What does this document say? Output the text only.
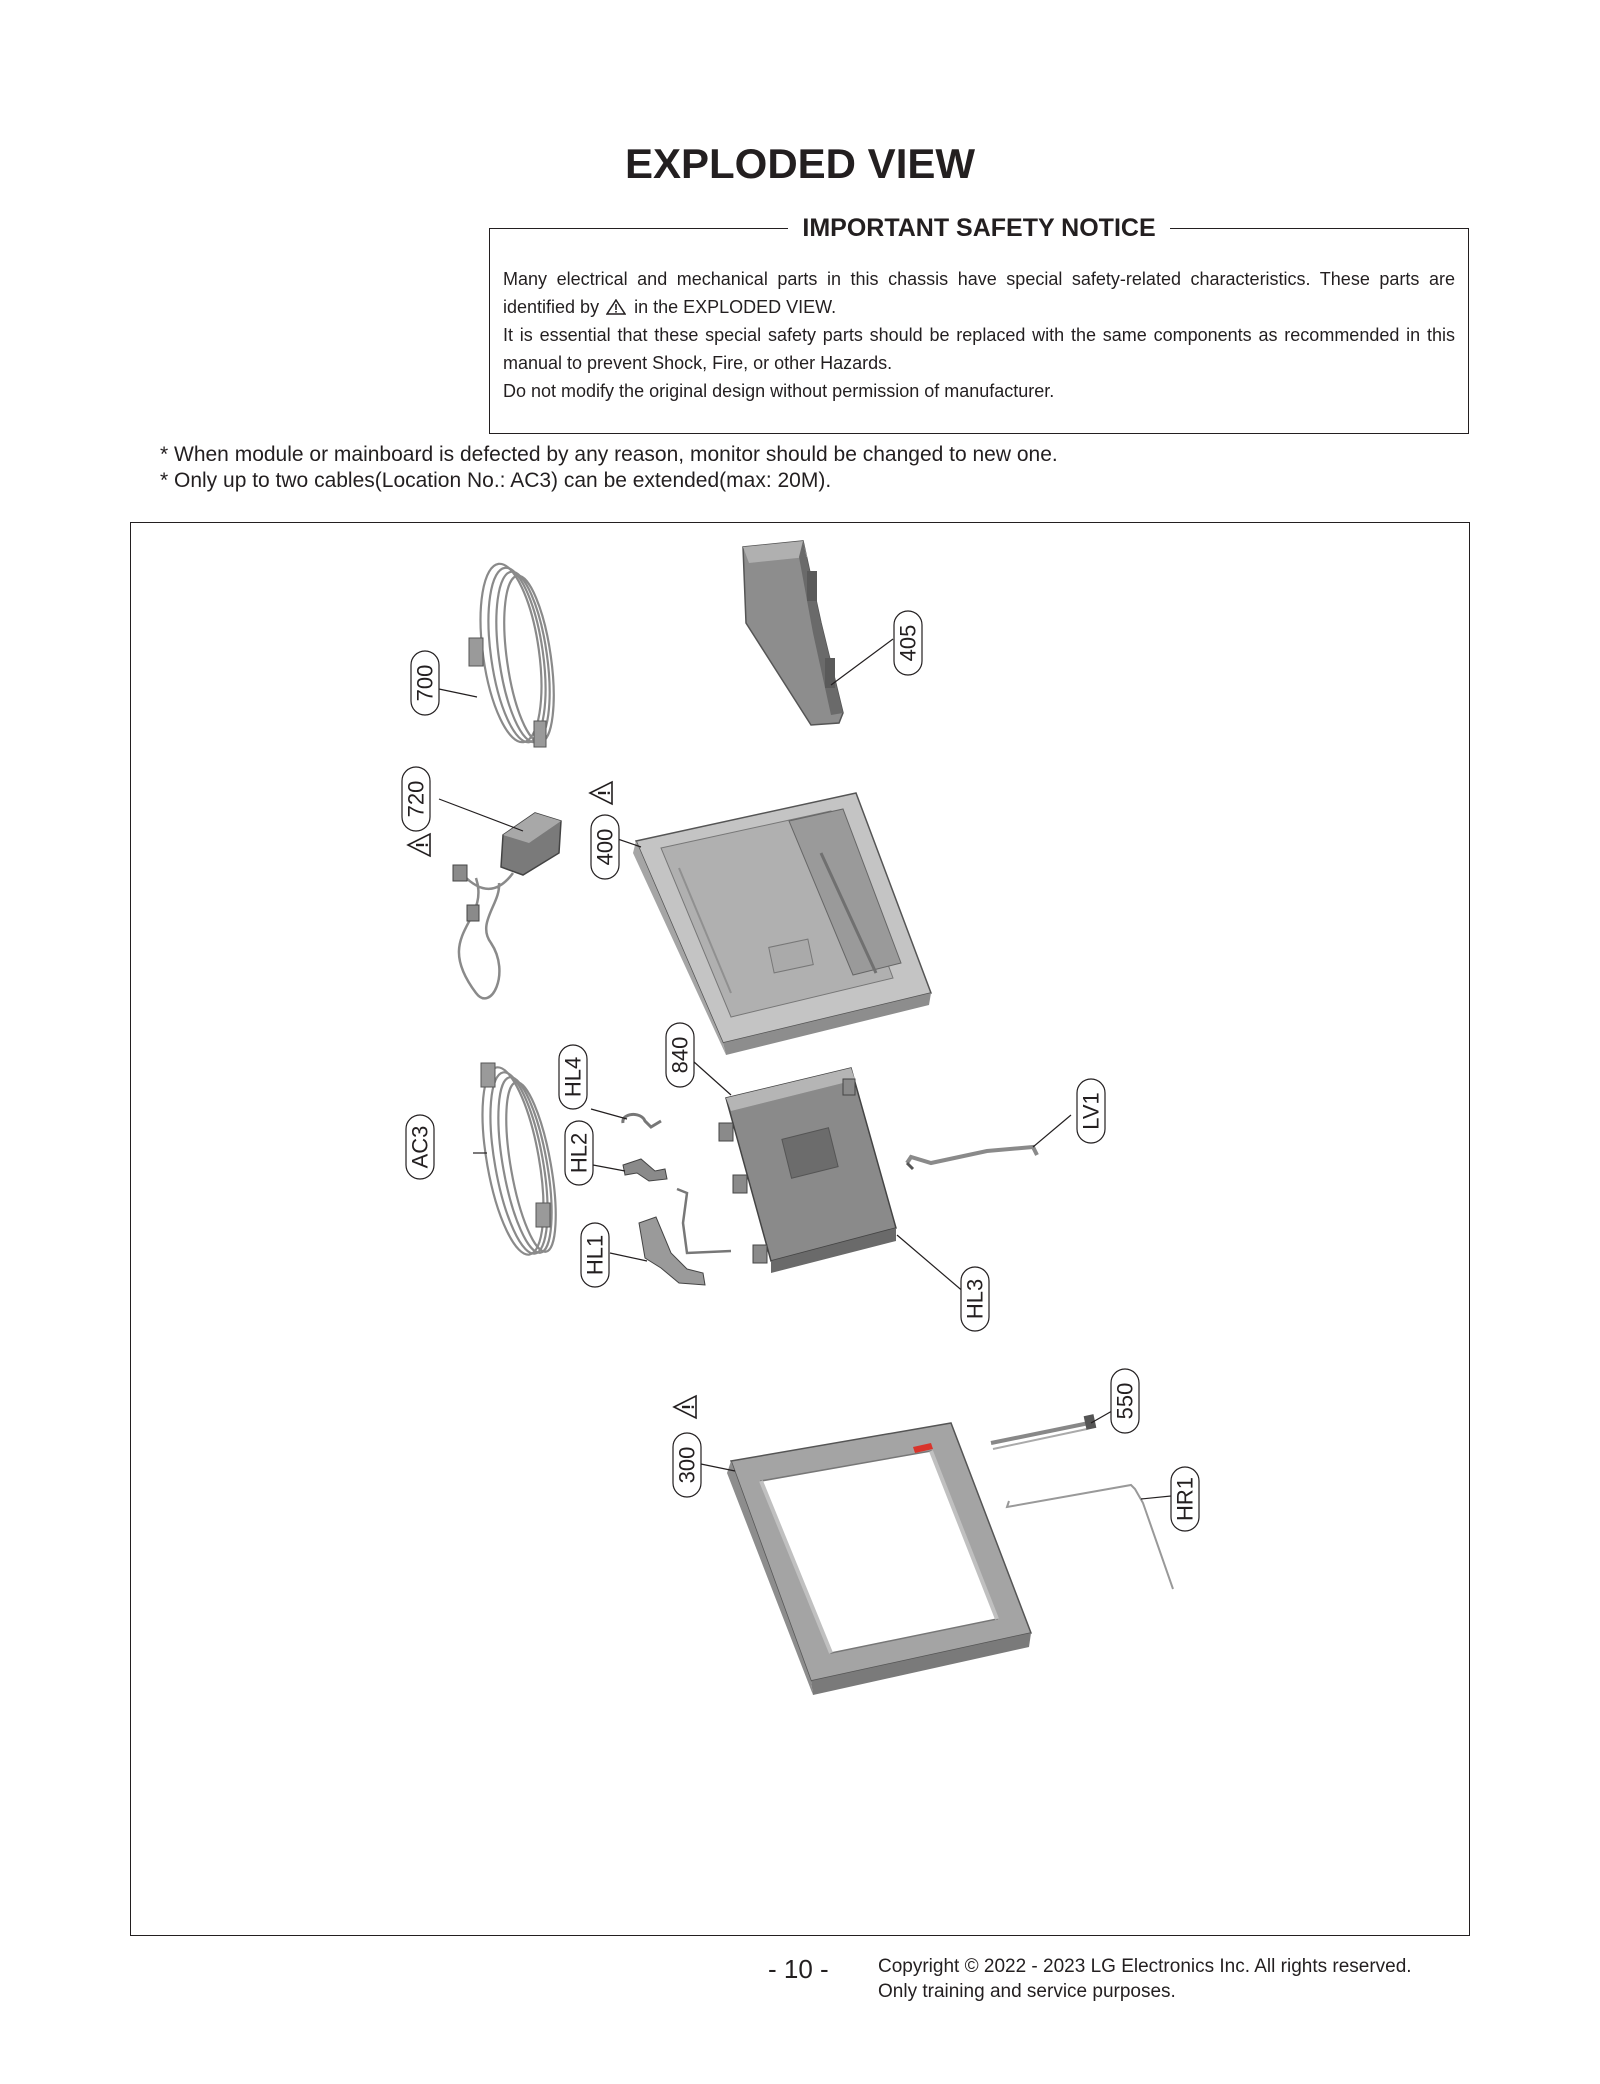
EXPLODED VIEW
IMPORTANT SAFETY NOTICE

Many electrical and mechanical parts in this chassis have special safety-related characteristics. These parts are identified by in the EXPLODED VIEW.

It is essential that these special safety parts should be replaced with the same components as recommended in this manual to prevent Shock, Fire, or other Hazards.

Do not modify the original design without permission of manufacturer.

* When module or mainboard is defected by any reason, monitor should be changed to new one.

* Only up to two cables(Location No.: AC3) can be extended(max: 20M).

405
700
720
400
840
HL4
LV1
AC3	HL2
HL1
HL3
550
300
HR1
- 10 -	Copyright © 2022 - 2023 LG Electronics Inc. All rights reserved.

Only training and service purposes.
